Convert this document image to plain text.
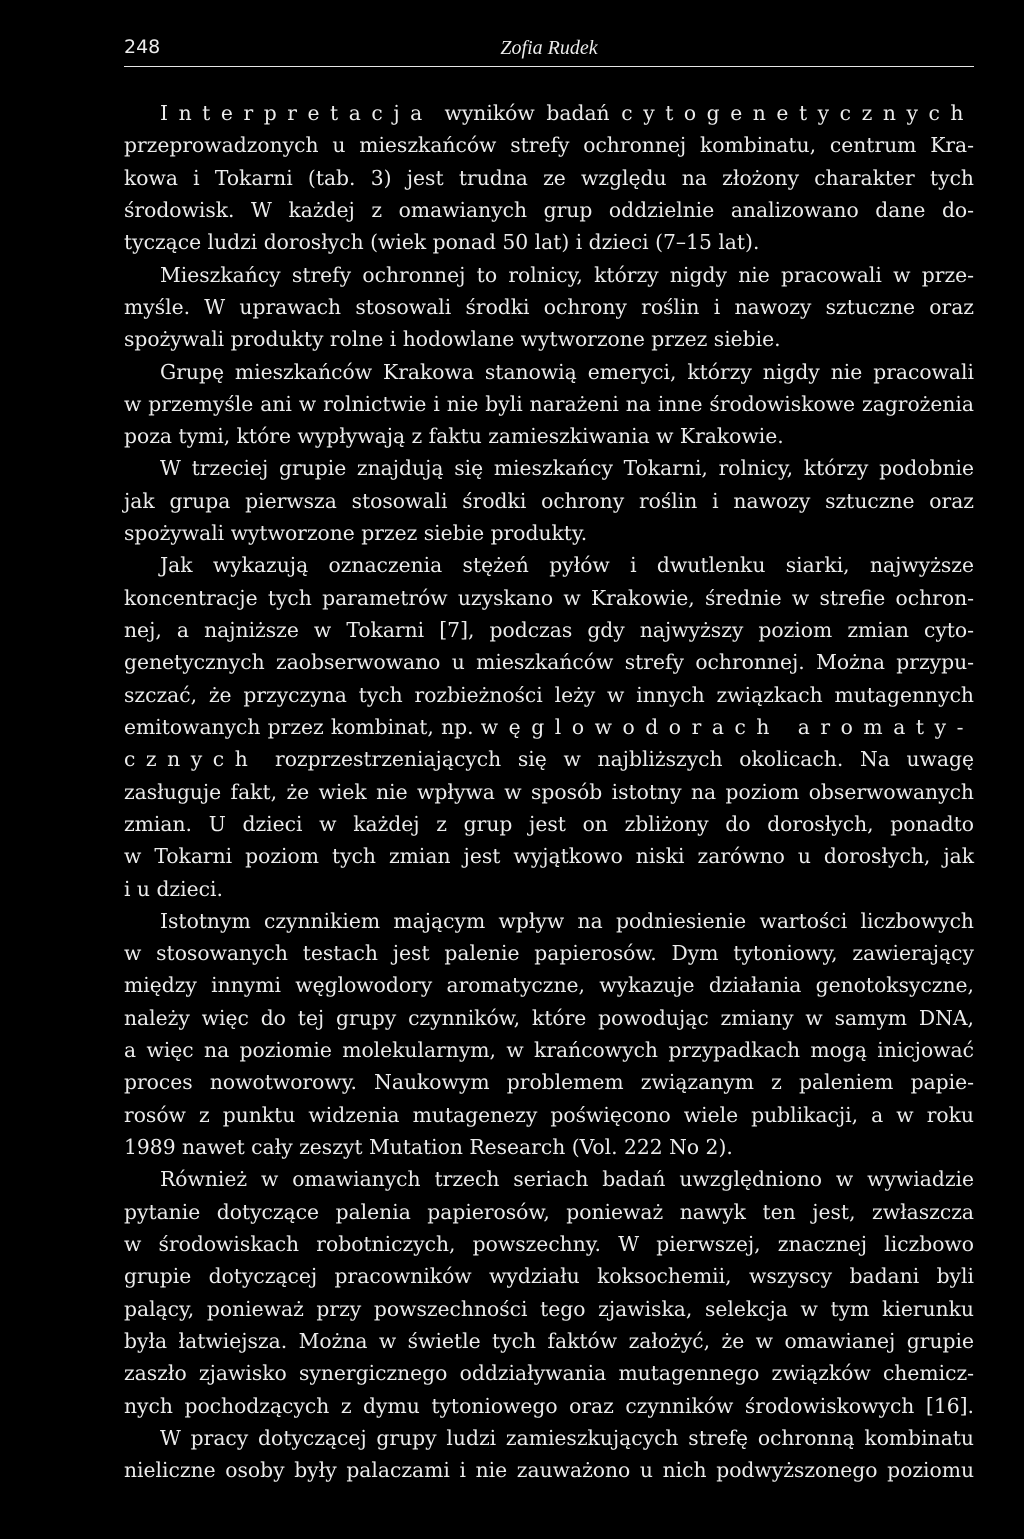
248	Zofia Rudek
Interpretacja wyników badań cytogenetycznych
przeprowadzonych u mieszkańców strefy ochronnej kombinatu, centrum Kra-
kowa i Tokarni (tab. 3) jest trudna ze względu na złożony charakter tych
środowisk. W każdej z omawianych grup oddzielnie analizowano dane do-
tyczące ludzi dorosłych (wiek ponad 50 lat) i dzieci (7–15 lat).
Mieszkańcy strefy ochronnej to rolnicy, którzy nigdy nie pracowali w prze-
myśle. W uprawach stosowali środki ochrony roślin i nawozy sztuczne oraz
spożywali produkty rolne i hodowlane wytworzone przez siebie.
Grupę mieszkańców Krakowa stanowią emeryci, którzy nigdy nie pracowali
w przemyśle ani w rolnictwie i nie byli narażeni na inne środowiskowe zagrożenia
poza tymi, które wypływają z faktu zamieszkiwania w Krakowie.
W trzeciej grupie znajdują się mieszkańcy Tokarni, rolnicy, którzy podobnie
jak grupa pierwsza stosowali środki ochrony roślin i nawozy sztuczne oraz
spożywali wytworzone przez siebie produkty.
Jak wykazują oznaczenia stężeń pyłów i dwutlenku siarki, najwyższe
koncentracje tych parametrów uzyskano w Krakowie, średnie w strefie ochron-
nej, a najniższe w Tokarni [7], podczas gdy najwyższy poziom zmian cyto-
genetycznych zaobserwowano u mieszkańców strefy ochronnej. Można przypu-
szczać, że przyczyna tych rozbieżności leży w innych związkach mutagennych
emitowanych przez kombinat, np. węglowodorach aromaty-
cznych rozprzestrzeniających się w najbliższych okolicach. Na uwagę
zasługuje fakt, że wiek nie wpływa w sposób istotny na poziom obserwowanych
zmian. U dzieci w każdej z grup jest on zbliżony do dorosłych, ponadto
w Tokarni poziom tych zmian jest wyjątkowo niski zarówno u dorosłych, jak
i u dzieci.
Istotnym czynnikiem mającym wpływ na podniesienie wartości liczbowych
w stosowanych testach jest palenie papierosów. Dym tytoniowy, zawierający
między innymi węglowodory aromatyczne, wykazuje działania genotoksyczne,
należy więc do tej grupy czynników, które powodując zmiany w samym DNA,
a więc na poziomie molekularnym, w krańcowych przypadkach mogą inicjować
proces nowotworowy. Naukowym problemem związanym z paleniem papie-
rosów z punktu widzenia mutagenezy poświęcono wiele publikacji, a w roku
1989 nawet cały zeszyt Mutation Research (Vol. 222 No 2).
Również w omawianych trzech seriach badań uwzględniono w wywiadzie
pytanie dotyczące palenia papierosów, ponieważ nawyk ten jest, zwłaszcza
w środowiskach robotniczych, powszechny. W pierwszej, znacznej liczbowo
grupie dotyczącej pracowników wydziału koksochemii, wszyscy badani byli
palący, ponieważ przy powszechności tego zjawiska, selekcja w tym kierunku
była łatwiejsza. Można w świetle tych faktów założyć, że w omawianej grupie
zaszło zjawisko synergicznego oddziaływania mutagennego związków chemicz-
nych pochodzących z dymu tytoniowego oraz czynników środowiskowych [16].
W pracy dotyczącej grupy ludzi zamieszkujących strefę ochronną kombinatu
nieliczne osoby były palaczami i nie zauważono u nich podwyższonego poziomu
